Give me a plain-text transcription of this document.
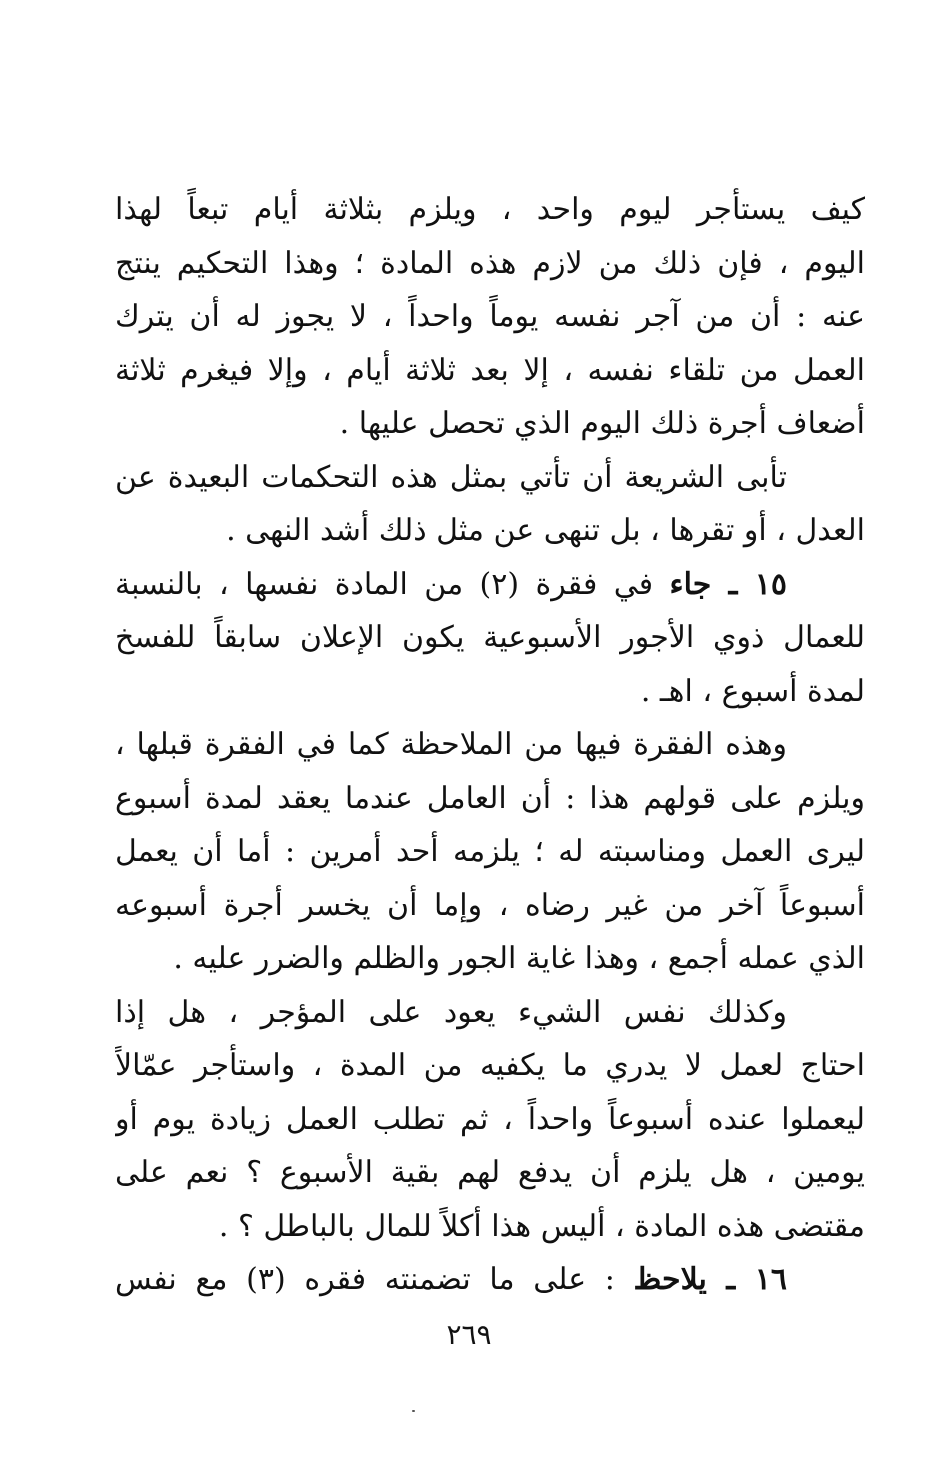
كيف يستأجر ليوم واحد ، ويلزم بثلاثة أيام تبعاً لهذا
اليوم ، فإن ذلك من لازم هذه المادة ؛ وهذا التحكيم ينتج
عنه : أن من آجر نفسه يوماً واحداً ، لا يجوز له أن يترك
العمل من تلقاء نفسه ، إلا بعد ثلاثة أيام ، وإلا فيغرم ثلاثة
أضعاف أجرة ذلك اليوم الذي تحصل عليها .
تأبى الشريعة أن تأتي بمثل هذه التحكمات البعيدة عن
العدل ، أو تقرها ، بل تنهى عن مثل ذلك أشد النهى .
١٥ ـ جاء في فقرة (٢) من المادة نفسها ، بالنسبة
للعمال ذوي الأجور الأسبوعية يكون الإعلان سابقاً للفسخ
لمدة أسبوع ، اهـ .
وهذه الفقرة فيها من الملاحظة كما في الفقرة قبلها ،
ويلزم على قولهم هذا : أن العامل عندما يعقد لمدة أسبوع
ليرى العمل ومناسبته له ؛ يلزمه أحد أمرين : أما أن يعمل
أسبوعاً آخر من غير رضاه ، وإما أن يخسر أجرة أسبوعه
الذي عمله أجمع ، وهذا غاية الجور والظلم والضرر عليه .
وكذلك نفس الشيء يعود على المؤجر ، هل إذا
احتاج لعمل لا يدري ما يكفيه من المدة ، واستأجر عمّالاً
ليعملوا عنده أسبوعاً واحداً ، ثم تطلب العمل زيادة يوم أو
يومين ، هل يلزم أن يدفع لهم بقية الأسبوع ؟ نعم على
مقتضى هذه المادة ، أليس هذا أكلاً للمال بالباطل ؟ .
١٦ ـ يلاحظ : على ما تضمنته فقره (٣) مع نفس
٢٦٩
